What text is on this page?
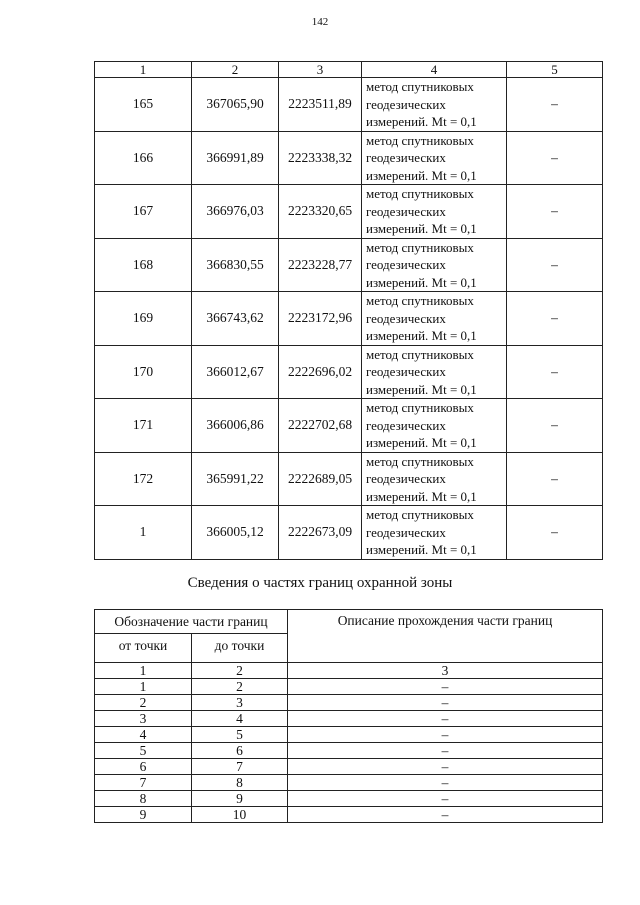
142
1	2	3	4	5
165	367065,90	2223511,89	метод спутниковых геодезических измерений. Mt = 0,1	–
166	366991,89	2223338,32	метод спутниковых геодезических измерений. Mt = 0,1	–
167	366976,03	2223320,65	метод спутниковых геодезических измерений. Mt = 0,1	–
168	366830,55	2223228,77	метод спутниковых геодезических измерений. Mt = 0,1	–
169	366743,62	2223172,96	метод спутниковых геодезических измерений. Mt = 0,1	–
170	366012,67	2222696,02	метод спутниковых геодезических измерений. Mt = 0,1	–
171	366006,86	2222702,68	метод спутниковых геодезических измерений. Mt = 0,1	–
172	365991,22	2222689,05	метод спутниковых геодезических измерений. Mt = 0,1	–
1	366005,12	2222673,09	метод спутниковых геодезических измерений. Mt = 0,1	–
Сведения о частях границ охранной зоны
Обозначение части границ		Описание прохождения части границ
от точки	до точки	
1	2	3
1	2	–
2	3	–
3	4	–
4	5	–
5	6	–
6	7	–
7	8	–
8	9	–
9	10	–
